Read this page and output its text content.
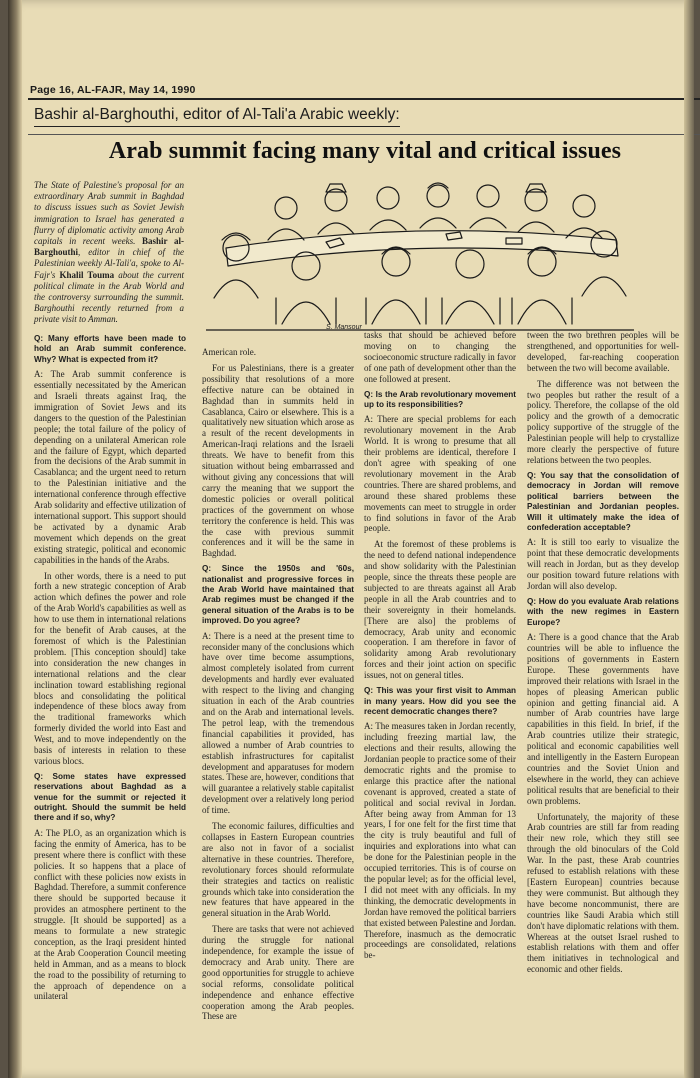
Page 16, AL-FAJR, May 14, 1990
Bashir al-Barghouthi, editor of Al-Tali'a Arabic weekly:
Arab summit facing many vital and critical issues
The State of Palestine's proposal for an extraordinary Arab summit in Baghdad to discuss issues such as Soviet Jewish immigration to Israel has generated a flurry of diplomatic activity among Arab capitals in recent weeks. Bashir al-Barghouthi, editor in chief of the Palestinian weekly Al-Tali'a, spoke to Al-Fajr's Khalil Touma about the current political climate in the Arab World and the controversy surrounding the summit. Barghouthi recently returned from a private visit to Amman.
S. Mansour

Q: Many efforts have been made to hold an Arab summit conference. Why? What is expected from it?

A: The Arab summit conference is essentially necessitated by the American and Israeli threats against Iraq, the immigration of Soviet Jews and its dangers to the question of the Palestinian people; the total failure of the policy of depending on a unilateral American role and the failure of Egypt, which departed from the decisions of the Arab summit in Casablanca; and the urgent need to return to the Palestinian initiative and the international conference through effective Arab solidarity and effective utilization of international support. This support should be activated by a dynamic Arab movement which depends on the great existing strategic, political and economic capabilities in the hands of the Arabs.

In other words, there is a need to put forth a new strategic conception of Arab action which defines the power and role of the Arab World's capabilities as well as how to use them in international relations for the benefit of Arab causes, at the foremost of which is the Palestinian problem. [This conception should] take into consideration the new changes in international relations and the clear inclination toward establishing regional blocs and consolidating the political independence of these blocs away from the traditional frameworks which formerly divided the world into East and West, and to move independently on the basis of interests in relation to these various blocs.

Q: Some states have expressed reservations about Baghdad as a venue for the summit or rejected it outright. Should the summit be held there and if so, why?

A: The PLO, as an organization which is facing the enmity of America, has to be present where there is conflict with these policies. It so happens that a place of conflict with these policies now exists in Baghdad. Therefore, a summit conference there should be supported because it provides an atmosphere pertinent to the struggle. [It should be supported] as a means to formulate a new strategic conception, as the Iraqi president hinted at the Arab Cooperation Council meeting held in Amman, and as a means to block the road to the possibility of returning to the approach of dependence on a unilateral

American role.

For us Palestinians, there is a greater possibility that resolutions of a more effective nature can be obtained in Baghdad than in summits held in Casablanca, Cairo or elsewhere. This is a qualitatively new situation which arose as a result of the recent developments in American-Iraqi relations and the Israeli threats. We have to benefit from this situation without being embarrassed and without giving any concessions that will carry the meaning that we support the domestic policies or overall political practices of the government on whose territory the conference is held. This was the case with previous summit conferences and it will be the same in Baghdad.

Q: Since the 1950s and '60s, nationalist and progressive forces in the Arab World have maintained that Arab regimes must be changed if the general situation of the Arabs is to be improved. Do you agree?

A: There is a need at the present time to reconsider many of the conclusions which have over time become assumptions, almost completely isolated from current developments and hardly ever evaluated with respect to the living and changing situation in each of the Arab countries and on the Arab and international levels. The petrol leap, with the tremendous financial capabilities it provided, has allowed a number of Arab countries to establish infrastructures for capitalist development and apparatuses for modern states. These are, however, conditions that will guarantee a relatively stable capitalist development over a relatively long period of time.

The economic failures, difficulties and collapses in Eastern European countries are also not in favor of a socialist alternative in these countries. Therefore, revolutionary forces should reformulate their strategies and tactics on realistic grounds which take into consideration the new features that have appeared in the general situation in the Arab World.

There are tasks that were not achieved during the struggle for national independence, for example the issue of democracy and Arab unity. There are good opportunities for struggle to achieve social reforms, consolidate political independence and enhance effective cooperation among the Arab peoples. These are

tasks that should be achieved before moving on to changing the socioeconomic structure radically in favor of one path of development other than the one followed at present.

Q: Is the Arab revolutionary movement up to its responsibilities?

A: There are special problems for each revolutionary movement in the Arab World. It is wrong to presume that all their problems are identical, therefore I don't agree with speaking of one revolutionary movement in the Arab countries. There are shared problems, and around these shared problems these movements can meet to struggle in order to find solutions in favor of the Arab people.

At the foremost of these problems is the need to defend national independence and show solidarity with the Palestinian people, since the threats these people are subjected to are threats against all Arab people in all the Arab countries and to their sovereignty in their homelands. [There are also] the problems of democracy, Arab unity and economic cooperation. I am therefore in favor of solidarity among Arab revolutionary forces and their joint action on specific issues, not on general titles.

Q: This was your first visit to Amman in many years. How did you see the recent democratic changes there?

A: The measures taken in Jordan recently, including freezing martial law, the elections and their results, allowing the Jordanian people to practice some of their democratic rights and the promise to enlarge this practice after the national covenant is approved, created a state of political and social revival in Jordan. After being away from Amman for 13 years, I for one felt for the first time that the city is truly beautiful and full of inquiries and explorations into what can be done for the Palestinian people in the occupied territories. This is of course on the popular level; as for the official level, I did not meet with any officials. In my thinking, the democratic developments in Jordan have removed the political barriers that existed between Palestine and Jordan. Therefore, inasmuch as the democratic proceedings are consolidated, relations be-

tween the two brethren peoples will be strengthened, and opportunities for well-developed, far-reaching cooperation between the two will become available.

The difference was not between the two peoples but rather the result of a policy. Therefore, the collapse of the old policy and the growth of a democratic policy supportive of the struggle of the Palestinian people will help to crystallize more clearly the perspective of future relations between the two peoples.

Q: You say that the consolidation of democracy in Jordan will remove political barriers between the Palestinian and Jordanian peoples. Will it ultimately make the idea of confederation acceptable?

A: It is still too early to visualize the point that these democratic developments will reach in Jordan, but as they develop our position toward future relations with Jordan will also develop.

Q: How do you evaluate Arab relations with the new regimes in Eastern Europe?

A: There is a good chance that the Arab countries will be able to influence the positions of governments in Eastern Europe. These governments have improved their relations with Israel in the hopes of pleasing American public opinion and getting financial aid. A number of Arab countries have large capabilities in this field. In brief, if the Arab countries utilize their strategic, political and economic capabilities well and intelligently in the Eastern European countries and the Soviet Union and elsewhere in the world, they can achieve political results that are beneficial to their own problems.

Unfortunately, the majority of these Arab countries are still far from reading their new role, which they still see through the old binoculars of the Cold War. In the past, these Arab countries refused to establish relations with these [Eastern European] countries because they were communist. But although they have become noncommunist, there are countries like Saudi Arabia which still don't have diplomatic relations with them. Whereas at the outset Israel rushed to establish relations with them and offer them initiatives in technological and economic and other fields.
